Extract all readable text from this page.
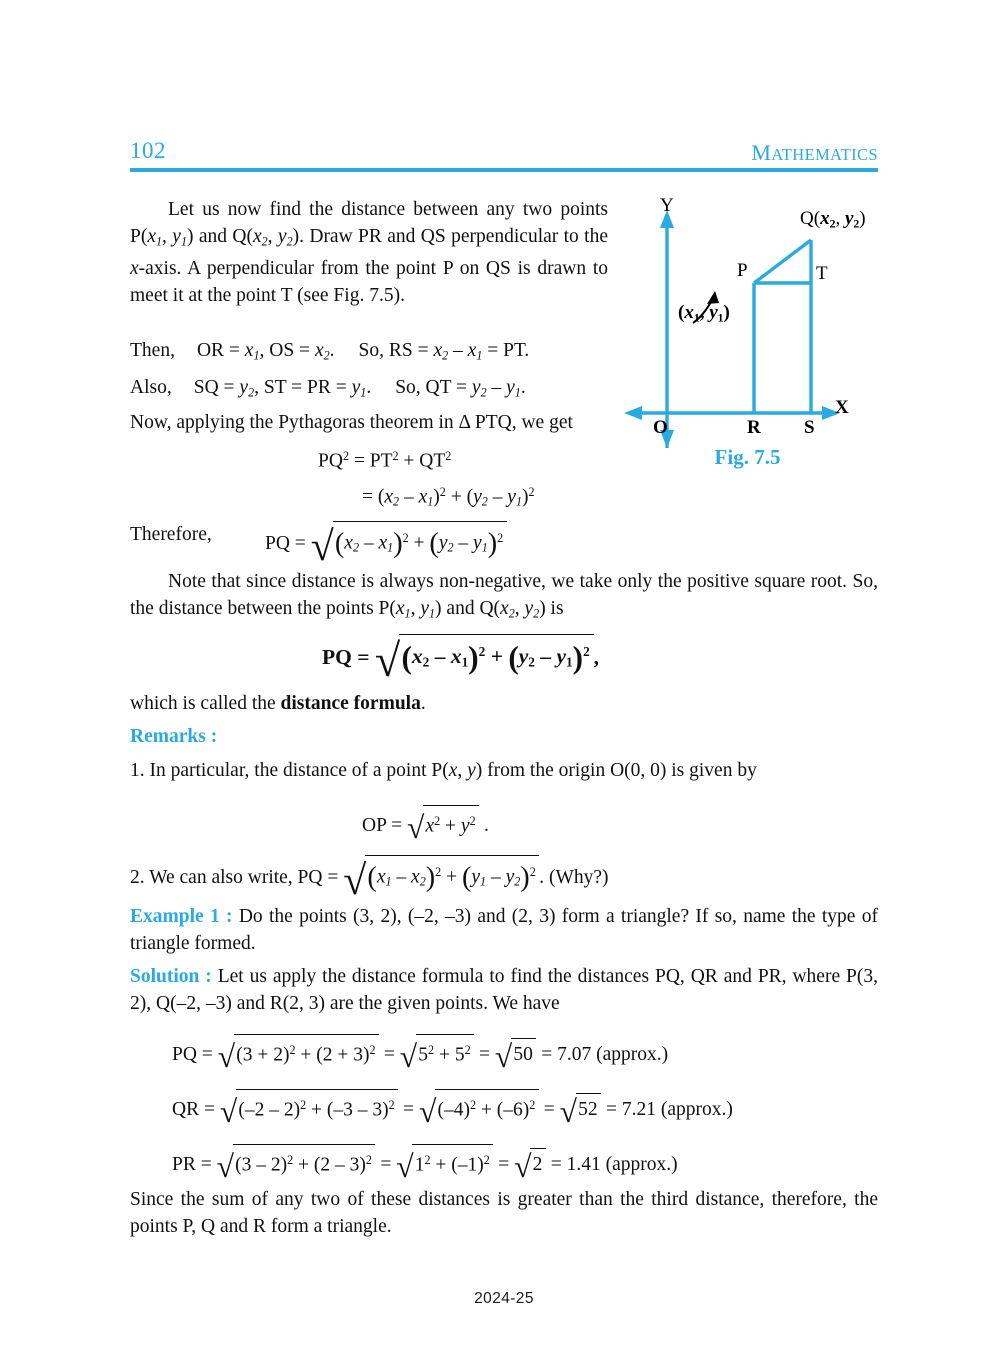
102	MATHEMATICS
Y
X
O	R S
P	T
$Q(x_2$, $y_2$)
($x_1$, $y_1$)
Fig. 7.5
Let us now find the distance between any two points $P(x_1$, $y_1$) and $Q(x_2$, $y_2$). Draw PR and QS perpendicular to the x-axis. A perpendicular from the point P on QS is drawn to meet it at the point T (see Fig. 7.5).
Then, OR = $x_1$, OS = $x_2$. So, RS = $x_2 - x_1$ = PT.
Also, SQ = $y_2$, ST = PR = $y_1$. So, QT = $y_2 - y_1$.
Now, applying the Pythagoras theorem in Δ PTQ, we get
$PQ^2 = PT^2 + QT^2$
= $(x_2 - x_1)^2 + (y_2 - y_1)^2$
Therefore,	PQ = $√(x_2 - x_1)^2 + (y_2 - y_1)^2$
Note that since distance is always non-negative, we take only the positive square root. So, the distance between the points $P(x_1$, $y_1$) and $Q(x_2$, $y_2$) is
PQ = $√(x_2 - x_1)^2 + (y_2 - y_1)^2$ ,
which is called the distance formula.
Remarks :
1. In particular, the distance of a point P(x, y) from the origin O(0, 0) is given by
OP = $√x^2 + y^2$ .
2. We can also write, PQ = $√(x_1 - x_2)^2 + (y_1 - y_2)^2$ . (Why?)
Example 1 : Do the points (3, 2), (–2, –3) and (2, 3) form a triangle? If so, name the type of triangle formed.
Solution : Let us apply the distance formula to find the distances PQ, QR and PR, where P(3, 2), Q(–2, –3) and R(2, 3) are the given points. We have
PQ = $√(3 + 2)^2 + (2 + 3)^2 = √5^2 + 5^2 = √50 = 7.07$ (approx.)
QR = $√(-2 - 2)^2 + (-3 - 3)^2 = √(-4)^2 + (-6)^2 = √52 = 7.21$ (approx.)
PR = $√(3 - 2)^2 + (2 - 3)^2 = √1^2 + (-1)^2 = √2 = 1.41$ (approx.)
Since the sum of any two of these distances is greater than the third distance, therefore, the points P, Q and R form a triangle.
2024-25
